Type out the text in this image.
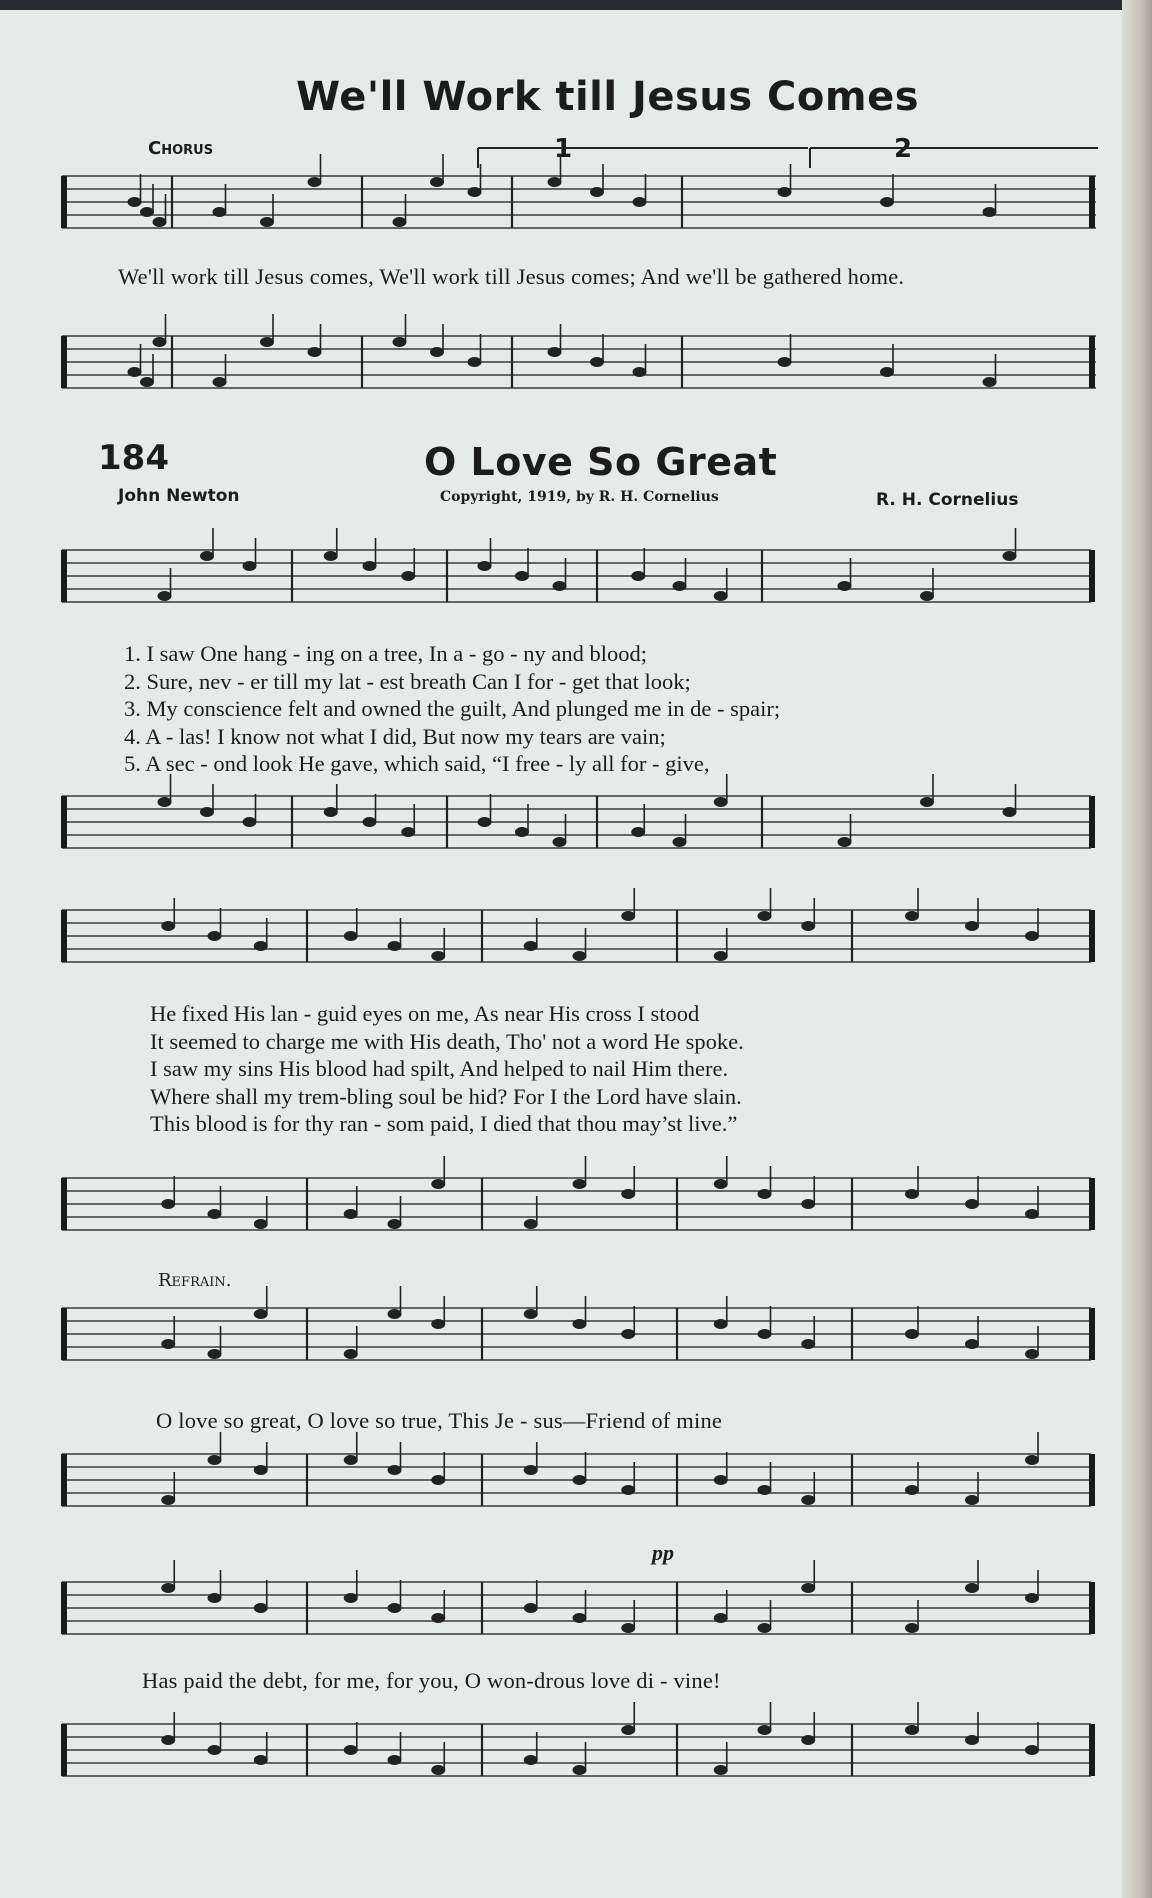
We'll Work till Jesus Comes
Chorus	1	2
We'll work till Jesus comes, We'll work till Jesus comes; And we'll be gathered home.
184	O Love So Great
John Newton	Copyright, 1919, by R. H. Cornelius	R. H. Cornelius
1. I saw One hang - ing on a tree, In a - go - ny and blood;
2. Sure, nev - er till my lat - est breath Can I for - get that look;
3. My conscience felt and owned the guilt, And plunged me in de - spair;
4. A - las! I know not what I did, But now my tears are vain;
5. A sec - ond look He gave, which said, “I free - ly all for - give,
He fixed His lan - guid eyes on me, As near His cross I stood
It seemed to charge me with His death, Tho' not a word He spoke.
I saw my sins His blood had spilt, And helped to nail Him there.
Where shall my trem-bling soul be hid? For I the Lord have slain.
This blood is for thy ran - som paid, I died that thou may’st live.”
Refrain.
O love so great, O love so true, This Je - sus—Friend of mine
pp
Has paid the debt, for me, for you, O won-drous love di - vine!
